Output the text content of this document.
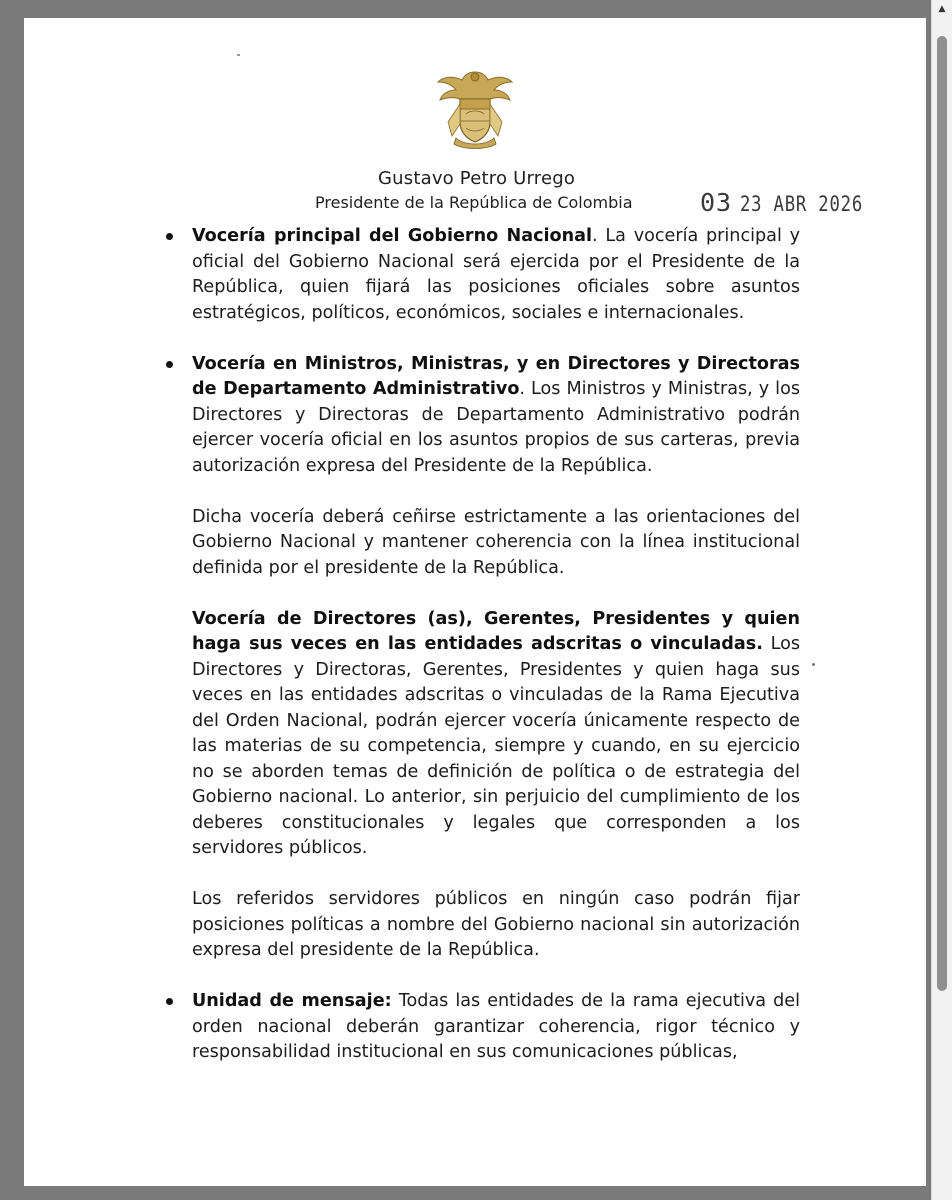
Gustavo Petro Urrego
Presidente de la República de Colombia	03 23 ABR 2026

Vocería principal del Gobierno Nacional. La vocería principal y oficial del Gobierno Nacional será ejercida por el Presidente de la República, quien fijará las posiciones oficiales sobre asuntos estratégicos, políticos, económicos, sociales e internacionales.

Vocería en Ministros, Ministras, y en Directores y Directoras de Departamento Administrativo. Los Ministros y Ministras, y los Directores y Directoras de Departamento Administrativo podrán ejercer vocería oficial en los asuntos propios de sus carteras, previa autorización expresa del Presidente de la República.

Dicha vocería deberá ceñirse estrictamente a las orientaciones del Gobierno Nacional y mantener coherencia con la línea institucional definida por el presidente de la República.

Vocería de Directores (as), Gerentes, Presidentes y quien haga sus veces en las entidades adscritas o vinculadas. Los Directores y Directoras, Gerentes, Presidentes y quien haga sus veces en las entidades adscritas o vinculadas de la Rama Ejecutiva del Orden Nacional, podrán ejercer vocería únicamente respecto de las materias de su competencia, siempre y cuando, en su ejercicio no se aborden temas de definición de política o de estrategia del Gobierno nacional. Lo anterior, sin perjuicio del cumplimiento de los deberes constitucionales y legales que corresponden a los servidores públicos.

Los referidos servidores públicos en ningún caso podrán fijar posiciones políticas a nombre del Gobierno nacional sin autorización expresa del presidente de la República.

Unidad de mensaje: Todas las entidades de la rama ejecutiva del orden nacional deberán garantizar coherencia, rigor técnico y responsabilidad institucional en sus comunicaciones públicas,

▲
